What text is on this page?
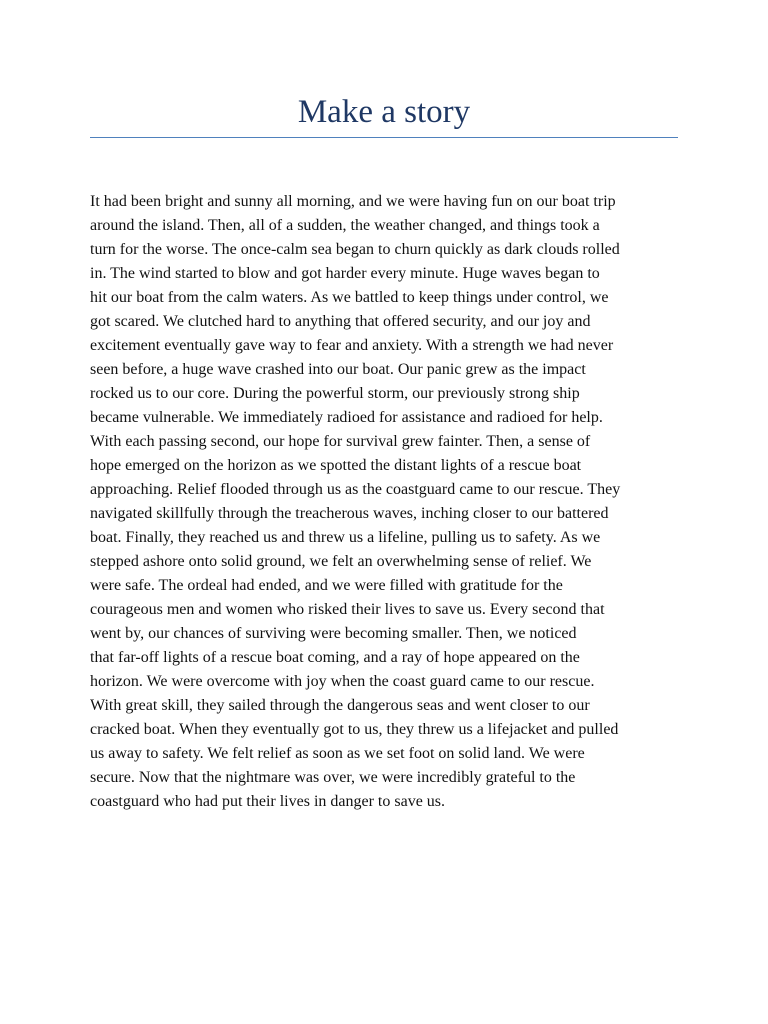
Make a story
It had been bright and sunny all morning, and we were having fun on our boat trip
around the island. Then, all of a sudden, the weather changed, and things took a
turn for the worse. The once-calm sea began to churn quickly as dark clouds rolled
in. The wind started to blow and got harder every minute. Huge waves began to
hit our boat from the calm waters. As we battled to keep things under control, we
got scared. We clutched hard to anything that offered security, and our joy and
excitement eventually gave way to fear and anxiety. With a strength we had never
seen before, a huge wave crashed into our boat. Our panic grew as the impact
rocked us to our core. During the powerful storm, our previously strong ship
became vulnerable. We immediately radioed for assistance and radioed for help.
With each passing second, our hope for survival grew fainter. Then, a sense of
hope emerged on the horizon as we spotted the distant lights of a rescue boat
approaching. Relief flooded through us as the coastguard came to our rescue. They
navigated skillfully through the treacherous waves, inching closer to our battered
boat. Finally, they reached us and threw us a lifeline, pulling us to safety. As we
stepped ashore onto solid ground, we felt an overwhelming sense of relief. We
were safe. The ordeal had ended, and we were filled with gratitude for the
courageous men and women who risked their lives to save us. Every second that
went by, our chances of surviving were becoming smaller. Then, we noticed
that far-off lights of a rescue boat coming, and a ray of hope appeared on the
horizon. We were overcome with joy when the coast guard came to our rescue.
With great skill, they sailed through the dangerous seas and went closer to our
cracked boat. When they eventually got to us, they threw us a lifejacket and pulled
us away to safety. We felt relief as soon as we set foot on solid land. We were
secure. Now that the nightmare was over, we were incredibly grateful to the
coastguard who had put their lives in danger to save us.
